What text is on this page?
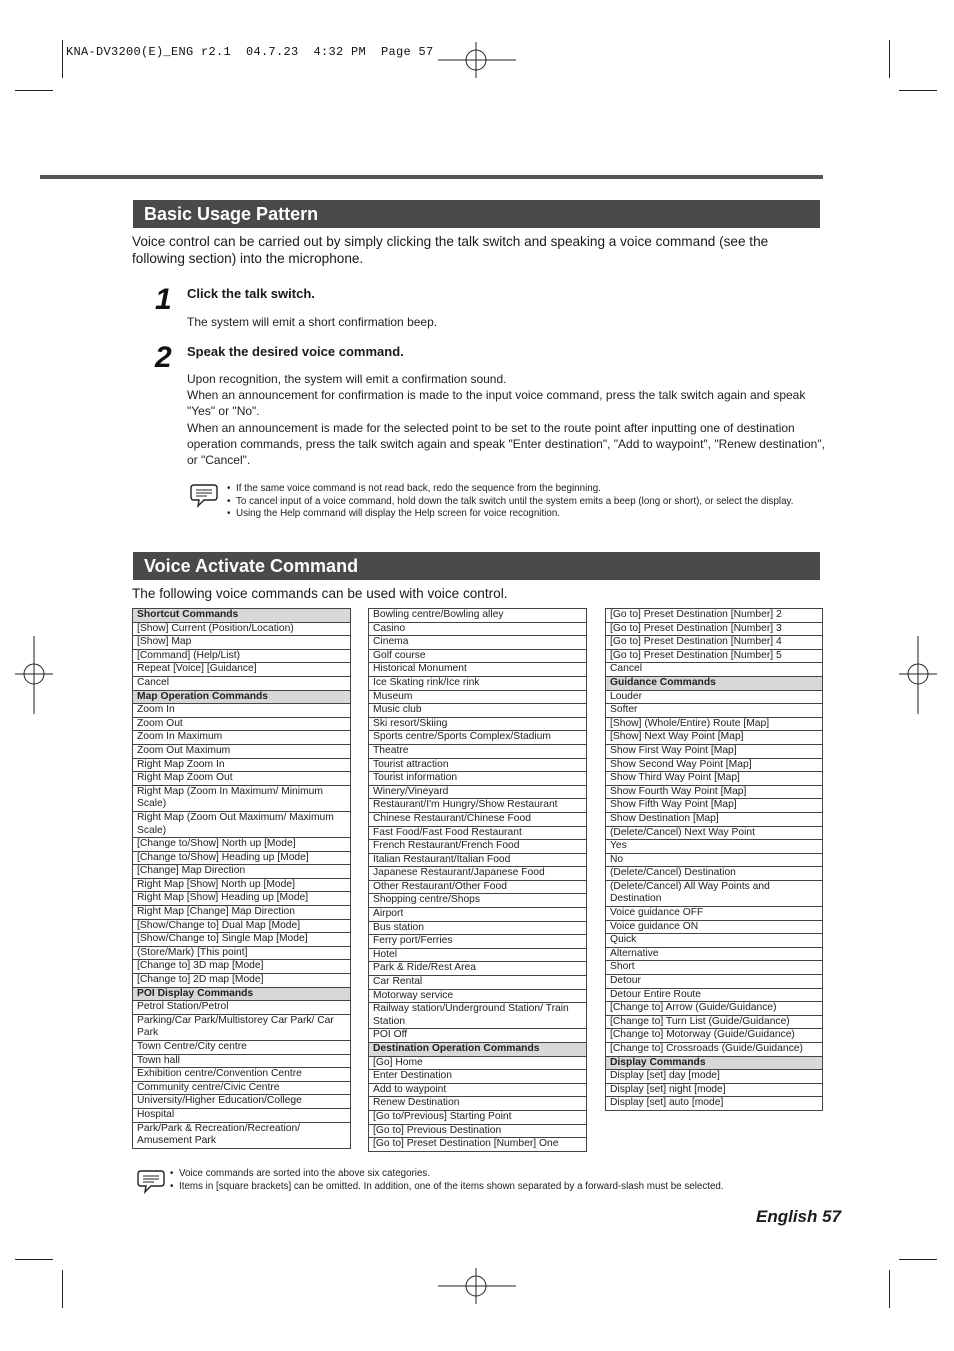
KNA-DV3200(E)_ENG r2.1  04.7.23  4:32 PM  Page 57
Basic Usage Pattern
Voice control can be carried out by simply clicking the talk switch and speaking a voice command (see the following section) into the microphone.
1 Click the talk switch.

The system will emit a short confirmation beep.

2 Speak the desired voice command.

Upon recognition, the system will emit a confirmation sound.

When an announcement for confirmation is made to the input voice command, press the talk switch again and speak "Yes" or "No".

When an announcement is made for the selected point to be set to the route point after inputting one of destination operation commands, press the talk switch again and speak "Enter destination", "Add to waypoint", "Renew destination", or "Cancel".

• If the same voice command is not read back, redo the sequence from the beginning.
• To cancel input of a voice command, hold down the talk switch until the system emits a beep (long or short), or select the display.
• Using the Help command will display the Help screen for voice recognition.
Voice Activate Command
The following voice commands can be used with voice control.
Shortcut Commands
[Show] Current (Position/Location)
[Show] Map
[Command] (Help/List)
Repeat [Voice] [Guidance]
Cancel
Map Operation Commands
Zoom In
Zoom Out
Zoom In Maximum
Zoom Out Maximum
Right Map Zoom In
Right Map Zoom Out
Right Map (Zoom In Maximum/ Minimum Scale)
Right Map (Zoom Out Maximum/ Maximum Scale)
[Change to/Show] North up [Mode]
[Change to/Show] Heading up [Mode]
[Change] Map Direction
Right Map [Show] North up [Mode]
Right Map [Show] Heading up [Mode]
Right Map [Change] Map Direction
[Show/Change to] Dual Map [Mode]
[Show/Change to] Single Map [Mode]
(Store/Mark) [This point]
[Change to] 3D map [Mode]
[Change to] 2D map [Mode]
POI Display Commands
Petrol Station/Petrol
Parking/Car Park/Multistorey Car Park/ Car Park
Town Centre/City centre
Town hall
Exhibition centre/Convention Centre
Community centre/Civic Centre
University/Higher Education/College
Hospital
Park/Park & Recreation/Recreation/ Amusement Park
Bowling centre/Bowling alley
Casino
Cinema
Golf course
Historical Monument
Ice Skating rink/Ice rink
Museum
Music club
Ski resort/Skiing
Sports centre/Sports Complex/Stadium
Theatre
Tourist attraction
Tourist information
Winery/Vineyard
Restaurant/I'm Hungry/Show Restaurant
Chinese Restaurant/Chinese Food
Fast Food/Fast Food Restaurant
French Restaurant/French Food
Italian Restaurant/Italian Food
Japanese Restaurant/Japanese Food
Other Restaurant/Other Food
Shopping centre/Shops
Airport
Bus station
Ferry port/Ferries
Hotel
Park & Ride/Rest Area
Car Rental
Motorway service
Railway station/Underground Station/ Train Station
POI Off
Destination Operation Commands
[Go] Home
Enter Destination
Add to waypoint
Renew Destination
[Go to/Previous] Starting Point
[Go to] Previous Destination
[Go to] Preset Destination [Number] One
[Go to] Preset Destination [Number] 2
[Go to] Preset Destination [Number] 3
[Go to] Preset Destination [Number] 4
[Go to] Preset Destination [Number] 5
Cancel
Guidance Commands
Louder
Softer
[Show] (Whole/Entire) Route [Map]
[Show] Next Way Point [Map]
Show First Way Point [Map]
Show Second Way Point [Map]
Show Third Way Point [Map]
Show Fourth Way Point [Map]
Show Fifth Way Point [Map]
Show Destination [Map]
(Delete/Cancel) Next Way Point
Yes
No
(Delete/Cancel) Destination
(Delete/Cancel) All Way Points and Destination
Voice guidance OFF
Voice guidance ON
Quick
Alternative
Short
Detour
Detour Entire Route
[Change to] Arrow (Guide/Guidance)
[Change to] Turn List (Guide/Guidance)
[Change to] Motorway (Guide/Guidance)
[Change to] Crossroads (Guide/Guidance)
Display Commands
Display [set] day [mode]
Display [set] night [mode]
Display [set] auto [mode]
• Voice commands are sorted into the above six categories.
• Items in [square brackets] can be omitted. In addition, one of the items shown separated by a forward-slash must be selected.
English 57
